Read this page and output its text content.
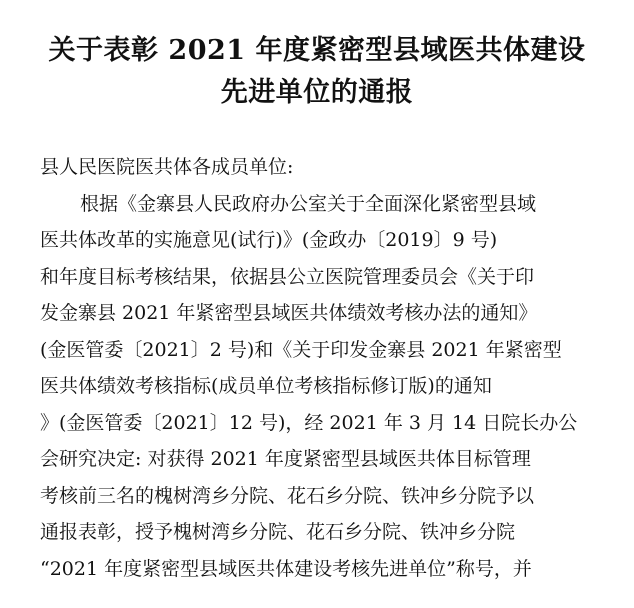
关于表彰 2021 年度紧密型县域医共体建设
先进单位的通报
县人民医院医共体各成员单位:
根据《金寨县人民政府办公室关于全面深化紧密型县域
医共体改革的实施意见(试行)》(金政办〔2019〕9 号)
和年度目标考核结果，依据县公立医院管理委员会《关于印
发金寨县 2021 年紧密型县域医共体绩效考核办法的通知》
(金医管委〔2021〕2 号)和《关于印发金寨县 2021 年紧密型
医共体绩效考核指标(成员单位考核指标修订版)的通知
》(金医管委〔2021〕12 号)，经 2021 年 3 月 14 日院长办公
会研究决定: 对获得 2021 年度紧密型县域医共体目标管理
考核前三名的槐树湾乡分院、花石乡分院、铁冲乡分院予以
通报表彰，授予槐树湾乡分院、花石乡分院、铁冲乡分院
“2021 年度紧密型县域医共体建设考核先进单位”称号，并
